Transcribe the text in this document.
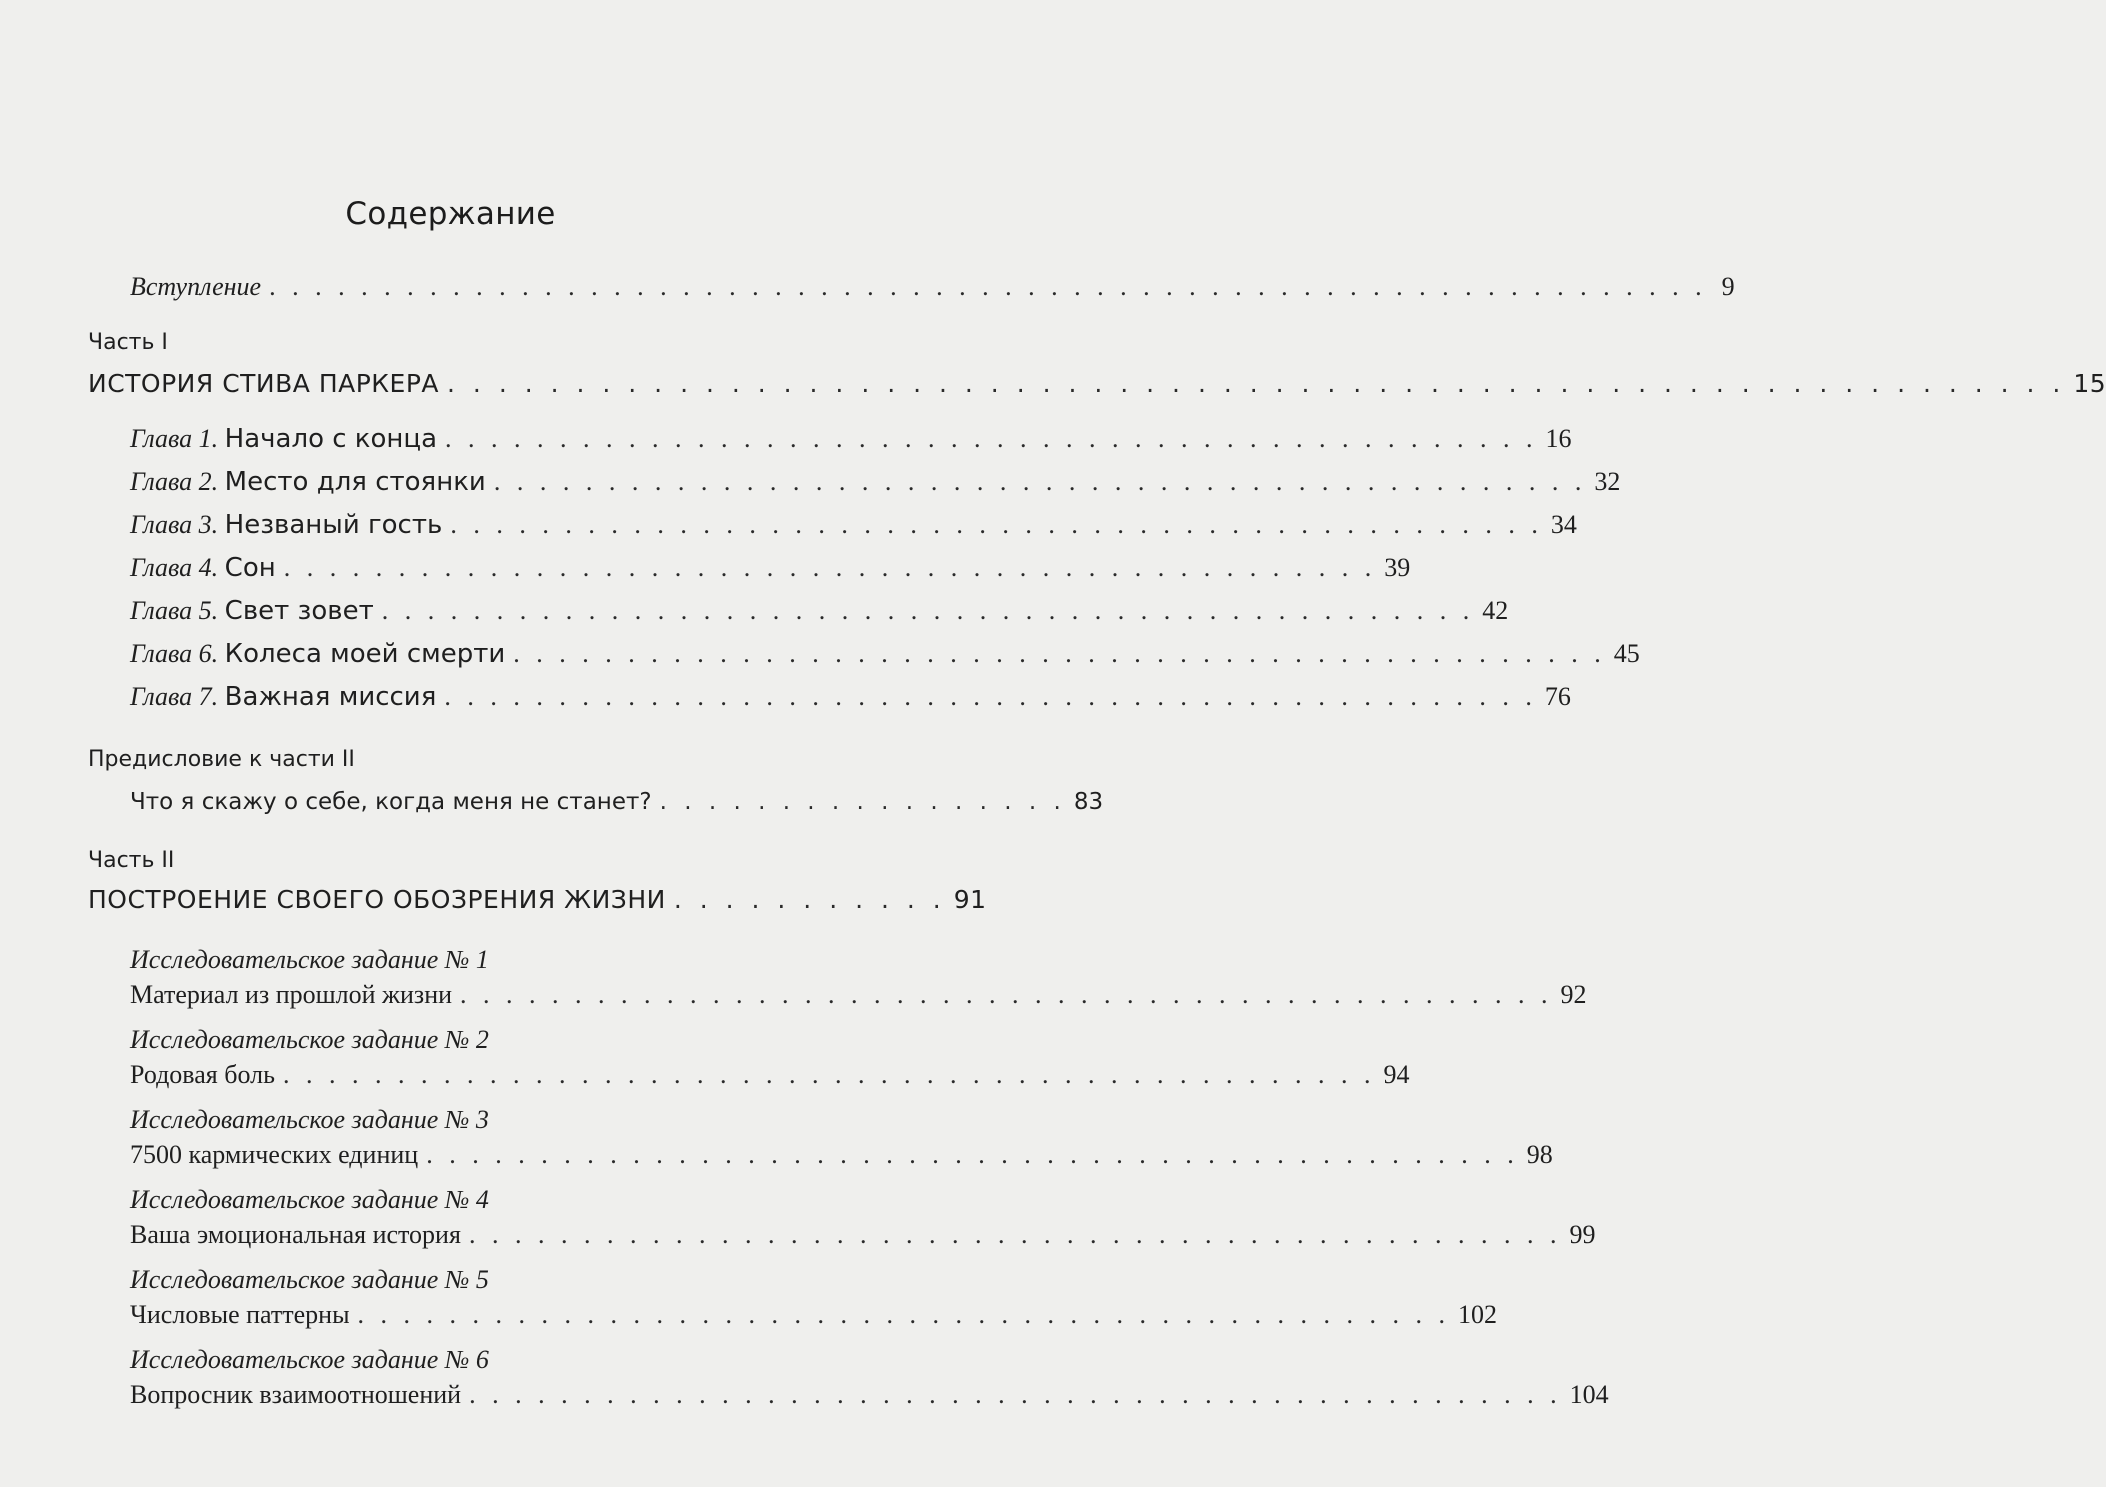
Содержание
Вступление . . . . . . . . . . . . . . . . . . . . . . . . . . . . . . . . . . . . . . . . . . . . . . . . . . . . . . . . . . . . . . . 9
Часть I
ИСТОРИЯ СТИВА ПАРКЕРА . . . . . . . . . . . . . . . . . . . . . . . . . . . . . . . . . . . . . . . . . . . . . . . . . . . . . . . . . . . . . . . 15
Глава 1. Начало с конца . . . . . . . . . . . . . . . . . . . . . . . . . . . . . . . . . . . . . . . . . . . . . . . . 16
Глава 2. Место для стоянки . . . . . . . . . . . . . . . . . . . . . . . . . . . . . . . . . . . . . . . . . . . . . . . . 32
Глава 3. Незваный гость . . . . . . . . . . . . . . . . . . . . . . . . . . . . . . . . . . . . . . . . . . . . . . . . 34
Глава 4. Сон . . . . . . . . . . . . . . . . . . . . . . . . . . . . . . . . . . . . . . . . . . . . . . . . 39
Глава 5. Свет зовет . . . . . . . . . . . . . . . . . . . . . . . . . . . . . . . . . . . . . . . . . . . . . . . . 42
Глава 6. Колеса моей смерти . . . . . . . . . . . . . . . . . . . . . . . . . . . . . . . . . . . . . . . . . . . . . . . . 45
Глава 7. Важная миссия . . . . . . . . . . . . . . . . . . . . . . . . . . . . . . . . . . . . . . . . . . . . . . . . 76
Предисловие к части II
Что я скажу о себе, когда меня не станет? . . . . . . . . . . . . . . . . . 83
Часть II
ПОСТРОЕНИЕ СВОЕГО ОБОЗРЕНИЯ ЖИЗНИ . . . . . . . . . . . 91
Исследовательское задание № 1
Материал из прошлой жизни . . . . . . . . . . . . . . . . . . . . . . . . . . . . . . . . . . . . . . . . . . . . . . . . 92
Исследовательское задание № 2
Родовая боль . . . . . . . . . . . . . . . . . . . . . . . . . . . . . . . . . . . . . . . . . . . . . . . . 94
Исследовательское задание № 3
7500 кармических единиц . . . . . . . . . . . . . . . . . . . . . . . . . . . . . . . . . . . . . . . . . . . . . . . . 98
Исследовательское задание № 4
Ваша эмоциональная история . . . . . . . . . . . . . . . . . . . . . . . . . . . . . . . . . . . . . . . . . . . . . . . . 99
Исследовательское задание № 5
Числовые паттерны . . . . . . . . . . . . . . . . . . . . . . . . . . . . . . . . . . . . . . . . . . . . . . . . 102
Исследовательское задание № 6
Вопросник взаимоотношений . . . . . . . . . . . . . . . . . . . . . . . . . . . . . . . . . . . . . . . . . . . . . . . . 104
